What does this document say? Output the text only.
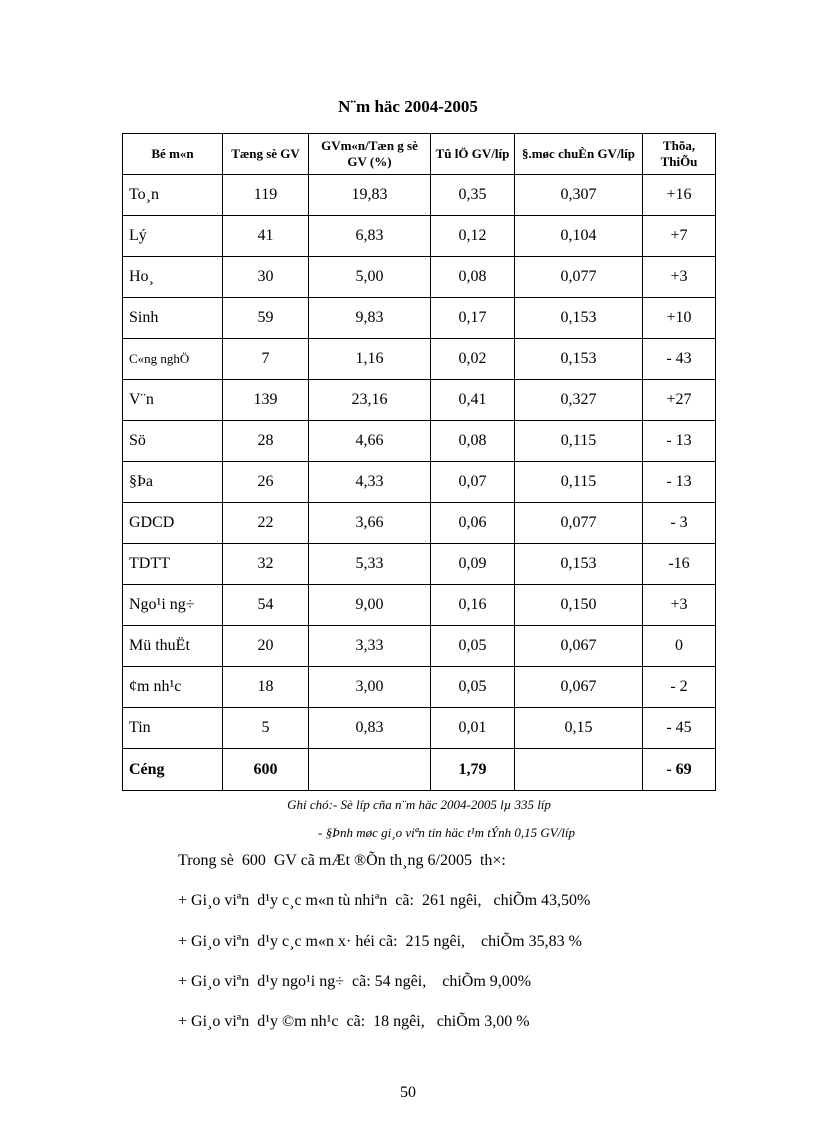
N¨m häc 2004-2005
Bé m«n	Tæng sè GV	GVm«n/Tæn g sè GV (%)	Tû lÖ GV/líp	§.møc chuÈn GV/líp	Thõa, ThiÕu
To¸n	119	19,83	0,35	0,307	+16
Lý	41	6,83	0,12	0,104	+7
Ho¸	30	5,00	0,08	0,077	+3
Sinh	59	9,83	0,17	0,153	+10
C«ng nghÖ	7	1,16	0,02	0,153	- 43
V¨n	139	23,16	0,41	0,327	+27
Sö	28	4,66	0,08	0,115	- 13
§Þa	26	4,33	0,07	0,115	- 13
GDCD	22	3,66	0,06	0,077	- 3
TDTT	32	5,33	0,09	0,153	-16
Ngo¹i ng÷	54	9,00	0,16	0,150	+3
Mü thuËt	20	3,33	0,05	0,067	0
¢m nh¹c	18	3,00	0,05	0,067	- 2
Tin	5	0,83	0,01	0,15	- 45
Céng	600		1,79		- 69
Ghi chó:- Sè líp cña n¨m häc 2004-2005 lµ 335 líp
- §Þnh møc gi¸o viªn tin häc t¹m tÝnh 0,15 GV/líp
Trong sè  600  GV cã mÆt ®Õn th¸ng 6/2005  th×:
+ Gi¸o viªn  d¹y c¸c m«n tù nhiªn  cã:  261 ngêi,   chiÕm 43,50%
+ Gi¸o viªn  d¹y c¸c m«n x· héi cã:  215 ngêi,    chiÕm 35,83 %
+ Gi¸o viªn  d¹y ngo¹i ng÷  cã: 54 ngêi,    chiÕm 9,00%
+ Gi¸o viªn  d¹y ©m nh¹c  cã:  18 ngêi,   chiÕm 3,00 %
50
